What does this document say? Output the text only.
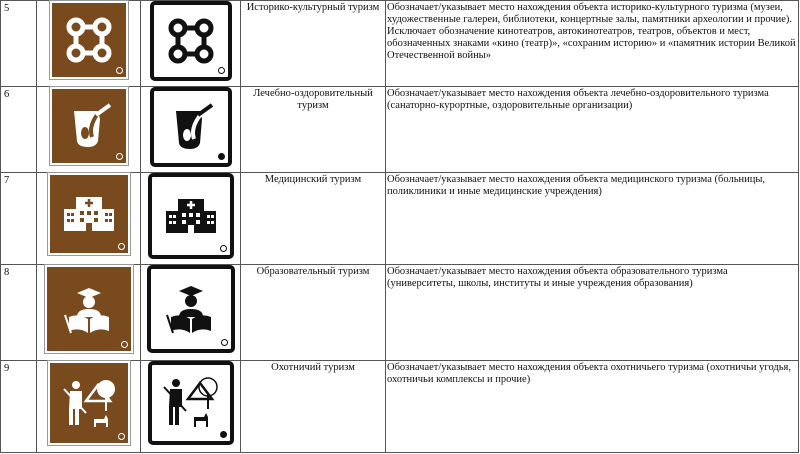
5			Историко-культурный туризм	Обозначает/указывает место нахождения объекта историко-культурного туризма (музеи, художественные галереи, библиотеки, концертные залы, памятники археологии и прочие). Исключает обозначение кинотеатров, автокинотеатров, театров, объектов и мест, обозначенных знаками «кино (театр)», «сохраним историю» и «памятник истории Великой Отечественной войны»
6			Лечебно-оздоровительный туризм	Обозначает/указывает место нахождения объекта лечебно-оздоровительного туризма (санаторно-курортные, оздоровительные организации)
7			Медицинский туризм	Обозначает/указывает место нахождения объекта медицинского туризма (больницы, поликлиники и иные медицинские учреждения)
8			Образовательный туризм	Обозначает/указывает место нахождения объекта образовательного туризма (университеты, школы, институты и иные учреждения образования)
9			Охотничий туризм	Обозначает/указывает место нахождения объекта охотничьего туризма (охотничьи угодья, охотничьи комплексы и прочие)
